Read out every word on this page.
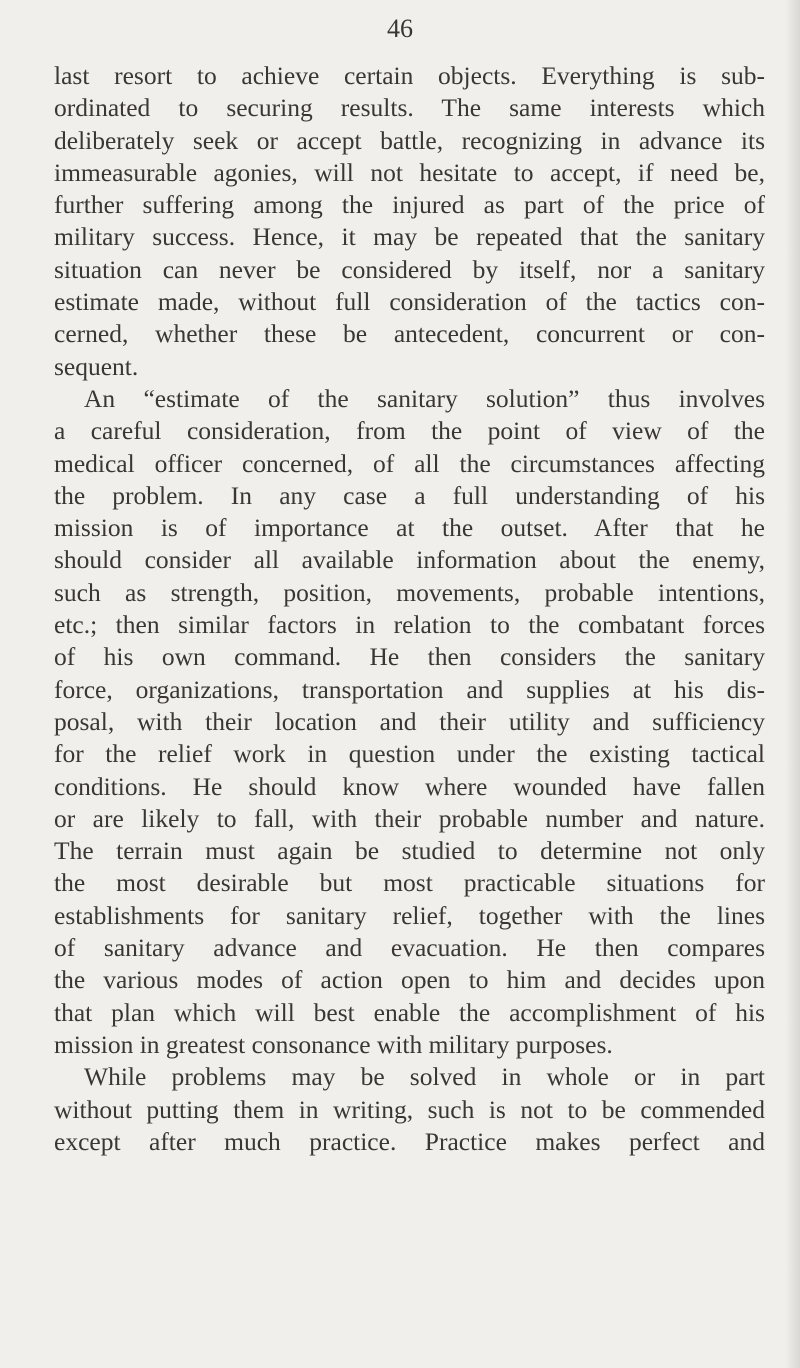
46
last resort to achieve certain objects. Everything is sub-
ordinated to securing results. The same interests which
deliberately seek or accept battle, recognizing in advance its
immeasurable agonies, will not hesitate to accept, if need be,
further suffering among the injured as part of the price of
military success. Hence, it may be repeated that the sanitary
situation can never be considered by itself, nor a sanitary
estimate made, without full consideration of the tactics con-
cerned, whether these be antecedent, concurrent or con-
sequent.
An “estimate of the sanitary solution” thus involves
a careful consideration, from the point of view of the
medical officer concerned, of all the circumstances affecting
the problem. In any case a full understanding of his
mission is of importance at the outset. After that he
should consider all available information about the enemy,
such as strength, position, movements, probable intentions,
etc.; then similar factors in relation to the combatant forces
of his own command. He then considers the sanitary
force, organizations, transportation and supplies at his dis-
posal, with their location and their utility and sufficiency
for the relief work in question under the existing tactical
conditions. He should know where wounded have fallen
or are likely to fall, with their probable number and nature.
The terrain must again be studied to determine not only
the most desirable but most practicable situations for
establishments for sanitary relief, together with the lines
of sanitary advance and evacuation. He then compares
the various modes of action open to him and decides upon
that plan which will best enable the accomplishment of his
mission in greatest consonance with military purposes.
While problems may be solved in whole or in part
without putting them in writing, such is not to be commended
except after much practice. Practice makes perfect and
